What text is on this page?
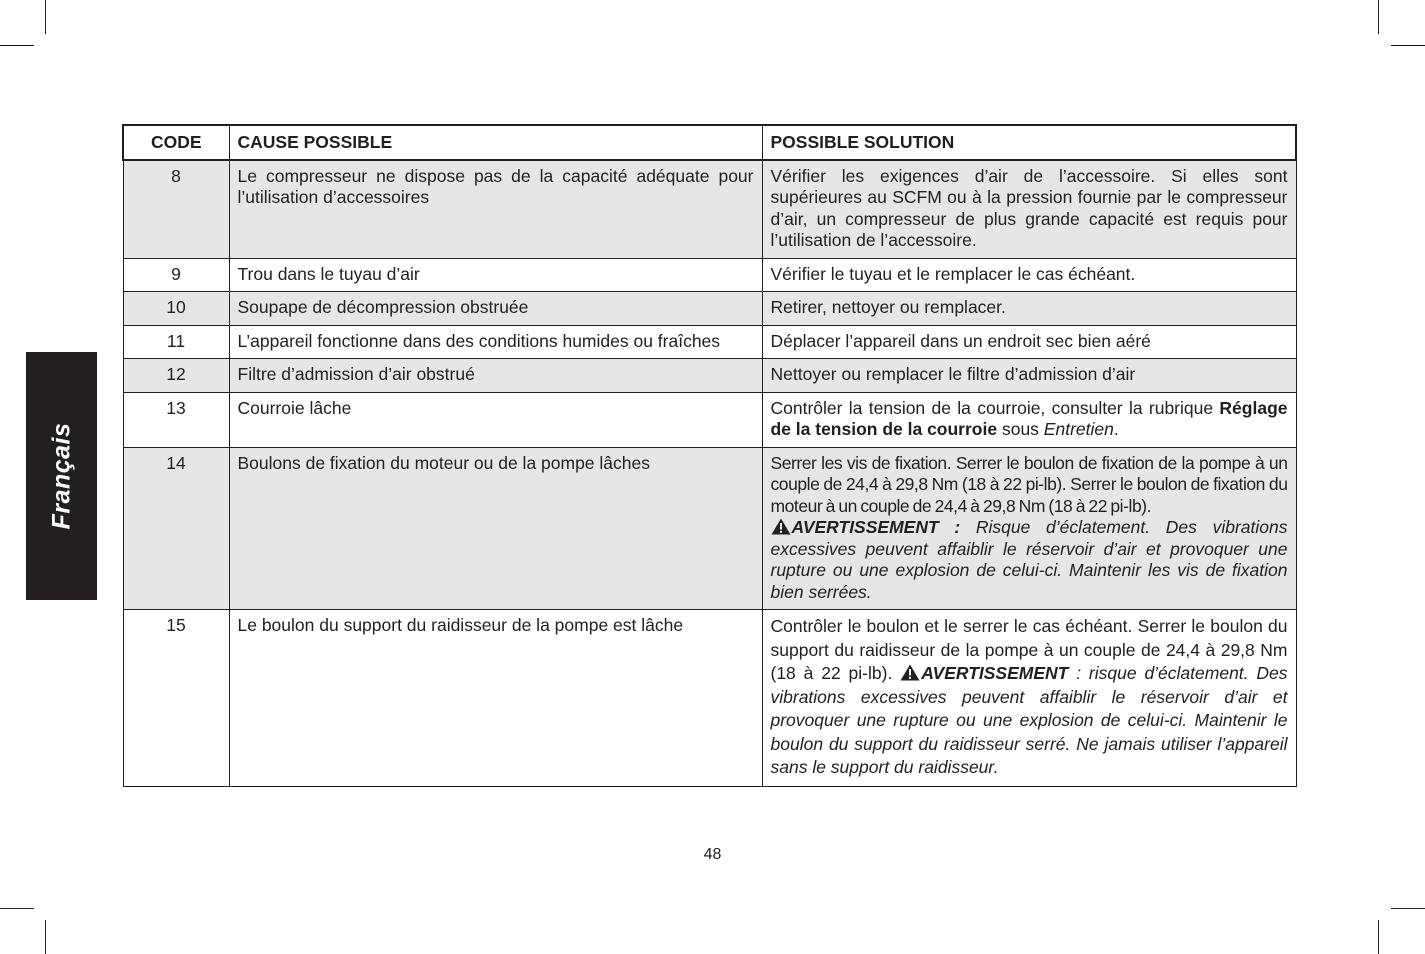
Français
CODE	CAUSE POSSIBLE	POSSIBLE SOLUTION
8	Le compresseur ne dispose pas de la capacité adéquate pour l’utilisation d’accessoires	Vérifier les exigences d’air de l’accessoire. Si elles sont supérieures au SCFM ou à la pression fournie par le compresseur d’air, un compresseur de plus grande capacité est requis pour l’utilisation de l’accessoire.
9	Trou dans le tuyau d’air	Vérifier le tuyau et le remplacer le cas échéant.
10	Soupape de décompression obstruée	Retirer, nettoyer ou remplacer.
11	L’appareil fonctionne dans des conditions humides ou fraîches	Déplacer l’appareil dans un endroit sec bien aéré
12	Filtre d’admission d’air obstrué	Nettoyer ou remplacer le filtre d’admission d’air
13	Courroie lâche	Contrôler la tension de la courroie, consulter la rubrique Réglage de la tension de la courroie sous Entretien.
14	Boulons de fixation du moteur ou de la pompe lâches	Serrer les vis de fixation. Serrer le boulon de fixation de la pompe à un couple de 24,4 à 29,8 Nm (18 à 22 pi-lb). Serrer le boulon de fixation du moteur à un couple de 24,4 à 29,8 Nm (18 à 22 pi-lb).
AVERTISSEMENT : Risque d’éclatement. Des vibrations excessives peuvent affaiblir le réservoir d’air et provoquer une rupture ou une explosion de celui-ci. Maintenir les vis de fixation bien serrées.
15	Le boulon du support du raidisseur de la pompe est lâche	Contrôler le boulon et le serrer le cas échéant. Serrer le boulon du support du raidisseur de la pompe à un couple de 24,4 à 29,8 Nm (18 à 22 pi-lb). AVERTISSEMENT : risque d’éclatement. Des vibrations excessives peuvent affaiblir le réservoir d’air et provoquer une rupture ou une explosion de celui-ci. Maintenir le boulon du support du raidisseur serré. Ne jamais utiliser l’appareil sans le support du raidisseur.
48
